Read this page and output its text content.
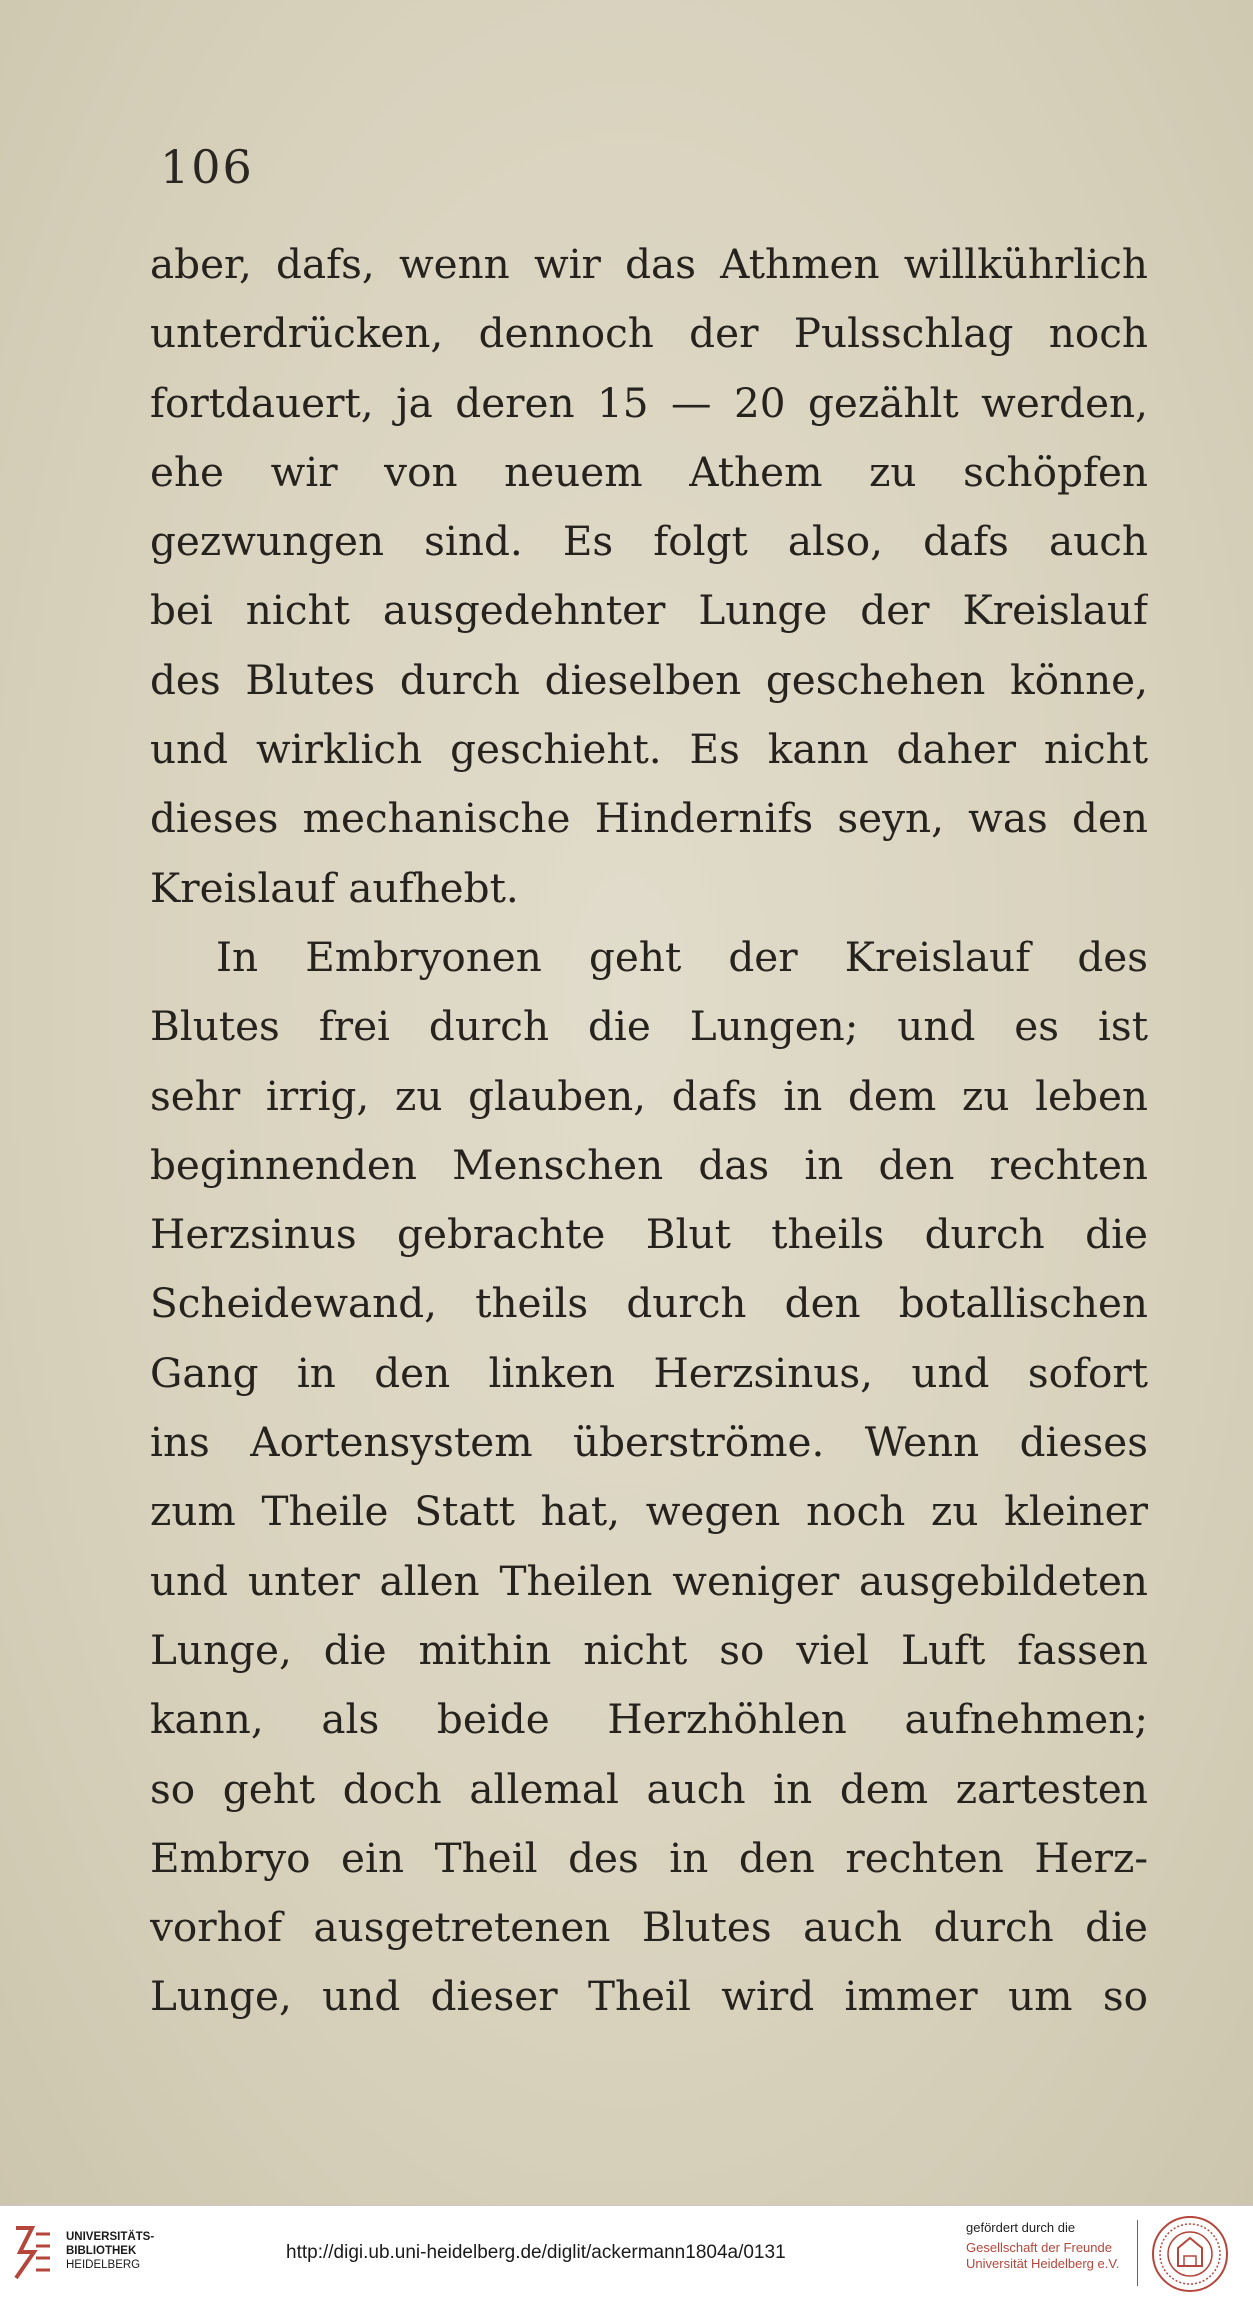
106
aber, dafs, wenn wir das Athmen willkührlich
unterdrücken, dennoch der Pulsschlag noch
fortdauert, ja deren 15 — 20 gezählt werden,
ehe wir von neuem Athem zu schöpfen
gezwungen sind. Es folgt also, dafs auch
bei nicht ausgedehnter Lunge der Kreislauf
des Blutes durch dieselben geschehen könne,
und wirklich geschieht. Es kann daher nicht
dieses mechanische Hindernifs seyn, was den
Kreislauf aufhebt.
In Embryonen geht der Kreislauf des
Blutes frei durch die Lungen; und es ist
sehr irrig, zu glauben, dafs in dem zu leben
beginnenden Menschen das in den rechten
Herzsinus gebrachte Blut theils durch die
Scheidewand, theils durch den botallischen
Gang in den linken Herzsinus, und sofort
ins Aortensystem überströme. Wenn dieses
zum Theile Statt hat, wegen noch zu kleiner
und unter allen Theilen weniger ausgebildeten
Lunge, die mithin nicht so viel Luft fassen
kann, als beide Herzhöhlen aufnehmen;
so geht doch allemal auch in dem zartesten
Embryo ein Theil des in den rechten Herz-
vorhof ausgetretenen Blutes auch durch die
Lunge, und dieser Theil wird immer um so
UNIVERSITÄTS-
BIBLIOTHEK
HEIDELBERG
http://digi.ub.uni-heidelberg.de/diglit/ackermann1804a/0131
gefördert durch die
Gesellschaft der Freunde
Universität Heidelberg e.V.
